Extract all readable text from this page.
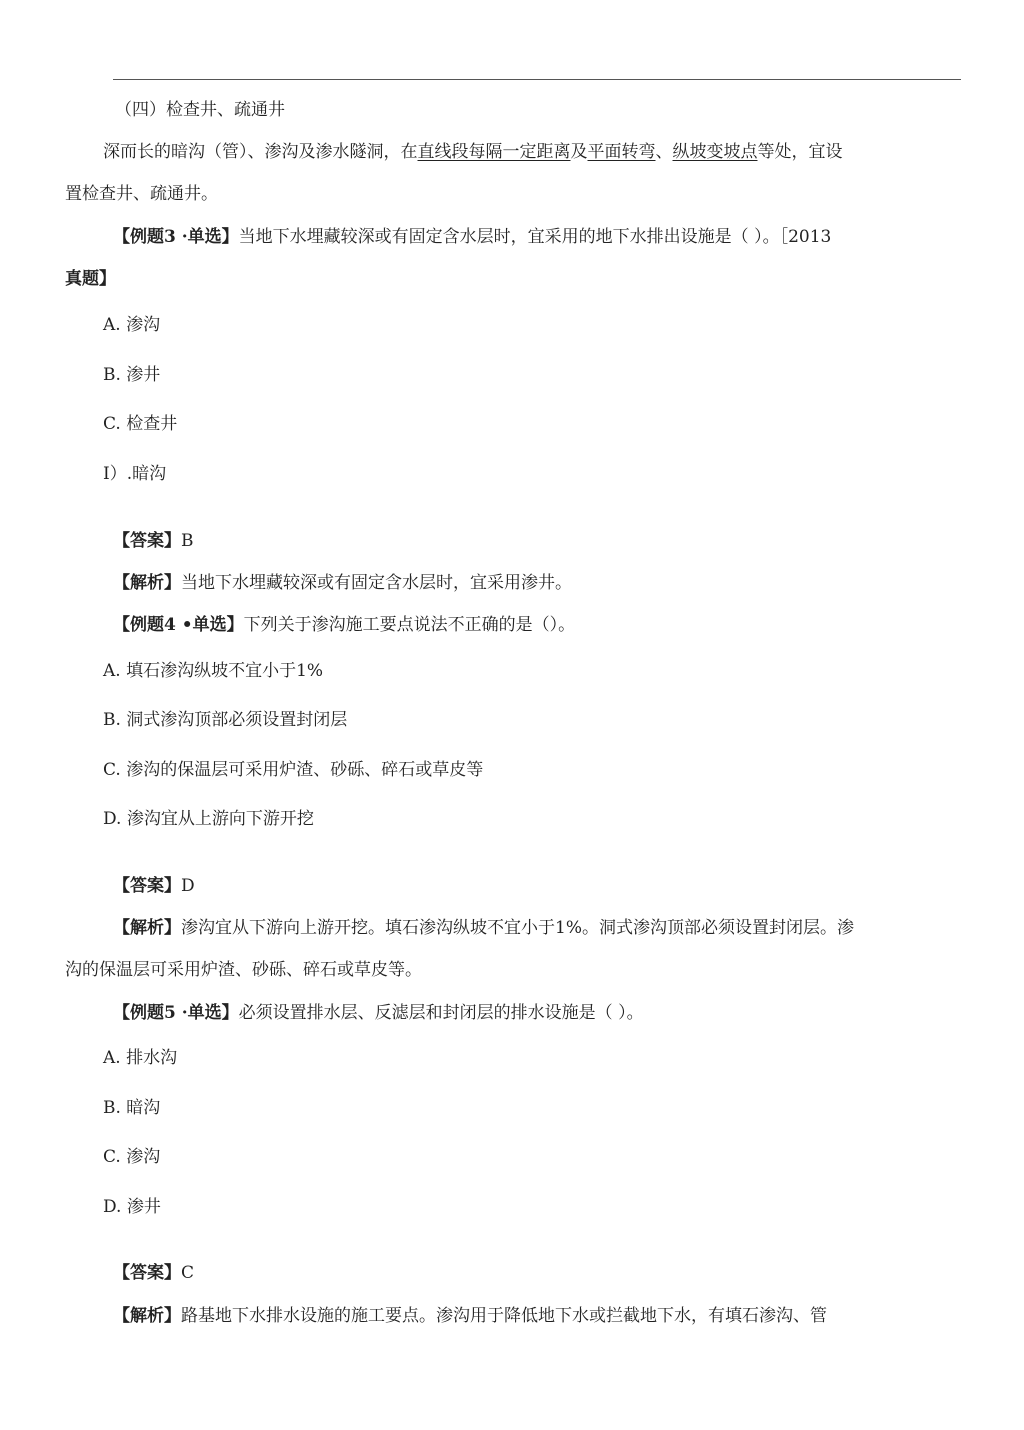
（四）检查井、疏通井
深而长的暗沟（管）、渗沟及渗水隧洞，在直线段每隔一定距离及平面转弯、纵坡变坡点等处，宜设
置检查井、疏通井。
【例题3 ·单选】当地下水埋藏较深或有固定含水层时，宜采用的地下水排出设施是（ ）。［2013
真题】
A. 渗沟
B. 渗井
C. 检查井
I）.暗沟
【答案】B
【解析】当地下水埋藏较深或有固定含水层时，宜采用渗井。
【例题4 •单选】下列关于渗沟施工要点说法不正确的是（）。
A. 填石渗沟纵坡不宜小于1%
B. 洞式渗沟顶部必须设置封闭层
C. 渗沟的保温层可采用炉渣、砂砾、碎石或草皮等
D. 渗沟宜从上游向下游开挖
【答案】D
【解析】渗沟宜从下游向上游开挖。填石渗沟纵坡不宜小于1%。洞式渗沟顶部必须设置封闭层。渗
沟的保温层可采用炉渣、砂砾、碎石或草皮等。
【例题5 ·单选】必须设置排水层、反滤层和封闭层的排水设施是（ ）。
A. 排水沟
B. 暗沟
C. 渗沟
D. 渗井
【答案】C
【解析】路基地下水排水设施的施工要点。渗沟用于降低地下水或拦截地下水，有填石渗沟、管
